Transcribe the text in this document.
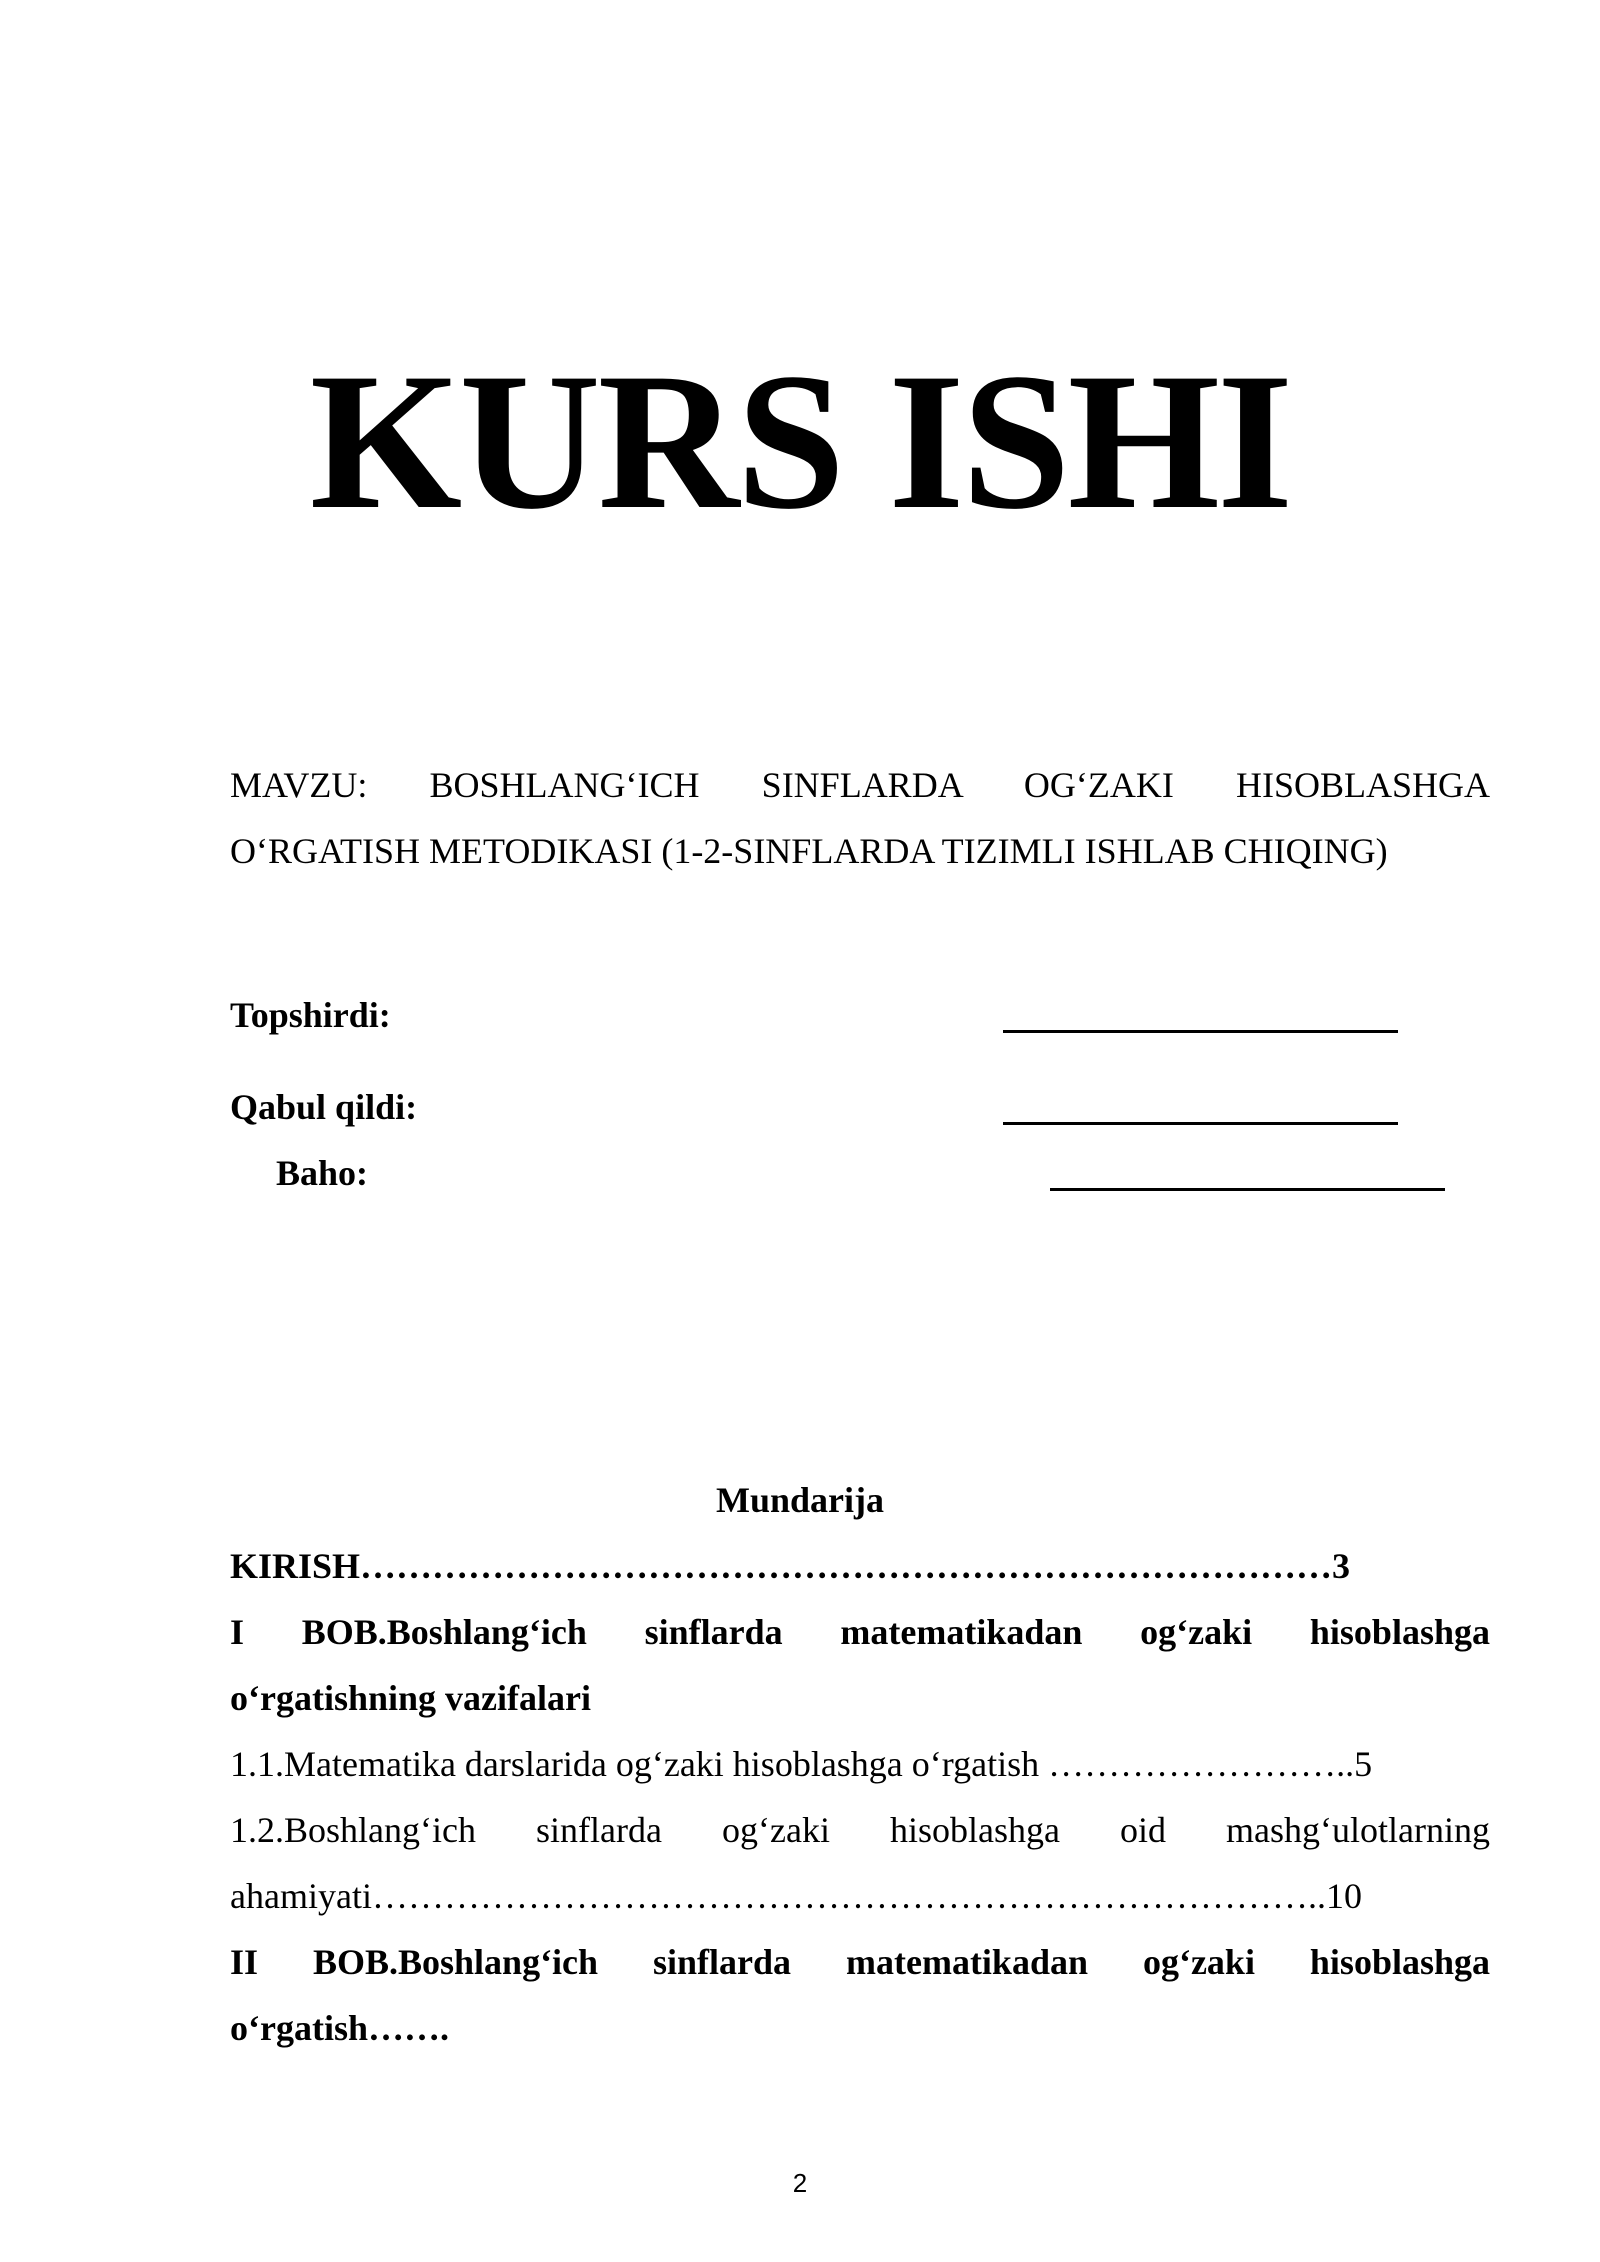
KURS ISHI
MAVZU: BOSHLANG‘ICH SINFLARDA OG‘ZAKI HISOBLASHGA
O‘RGATISH METODIKASI (1-2-SINFLARDA TIZIMLI ISHLAB CHIQING)
Topshirdi:
Qabul qildi:
Baho:
Mundarija
KIRISH………………………………………………………………………3
I BOB.Boshlang‘ich sinflarda matematikadan og‘zaki hisoblashga
o‘rgatishning vazifalari
1.1.Matematika darslarida og‘zaki hisoblashga o‘rgatish ……………………..5
1.2.Boshlang‘ich sinflarda og‘zaki hisoblashga oid mashg‘ulotlarning
ahamiyati……………………………………………………………………..10
II BOB.Boshlang‘ich sinflarda matematikadan og‘zaki hisoblashga
o‘rgatish…….
2
